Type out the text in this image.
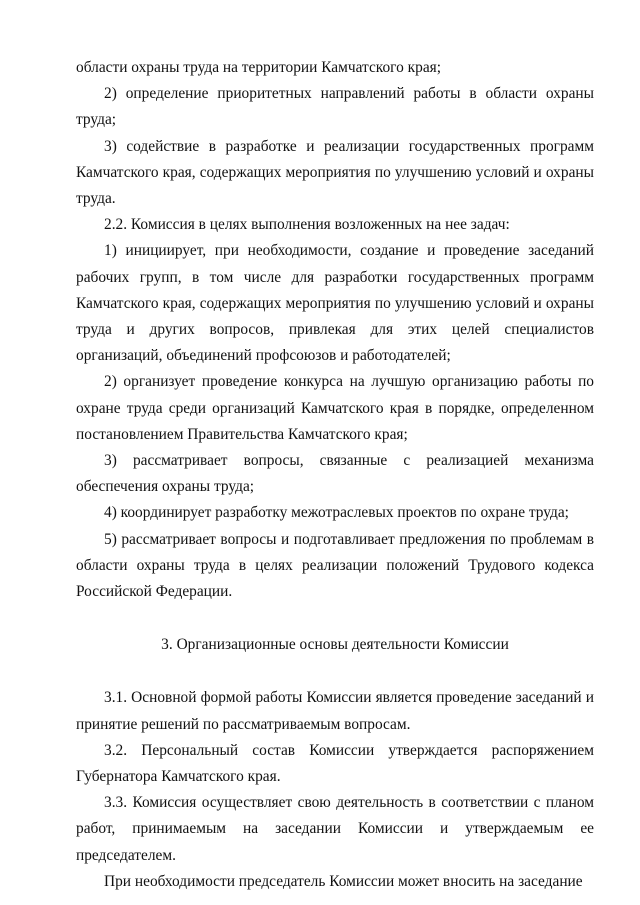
области охраны труда на территории Камчатского края;

2) определение приоритетных направлений работы в области охраны труда;

3) содействие в разработке и реализации государственных программ Камчатского края, содержащих мероприятия по улучшению условий и охраны труда.

2.2. Комиссия в целях выполнения возложенных на нее задач:

1) инициирует, при необходимости, создание и проведение заседаний рабочих групп, в том числе для разработки государственных программ Камчатского края, содержащих мероприятия по улучшению условий и охраны труда и других вопросов, привлекая для этих целей специалистов организаций, объединений профсоюзов и работодателей;

2) организует проведение конкурса на лучшую организацию работы по охране труда среди организаций Камчатского края в порядке, определенном постановлением Правительства Камчатского края;

3) рассматривает вопросы, связанные с реализацией механизма обеспечения охраны труда;

4) координирует разработку межотраслевых проектов по охране труда;

5) рассматривает вопросы и подготавливает предложения по проблемам в области охраны труда в целях реализации положений Трудового кодекса Российской Федерации.

3. Организационные основы деятельности Комиссии

3.1. Основной формой работы Комиссии является проведение заседаний и принятие решений по рассматриваемым вопросам.

3.2. Персональный состав Комиссии утверждается распоряжением Губернатора Камчатского края.

3.3. Комиссия осуществляет свою деятельность в соответствии с планом работ, принимаемым на заседании Комиссии и утверждаемым ее председателем.

При необходимости председатель Комиссии может вносить на заседание
